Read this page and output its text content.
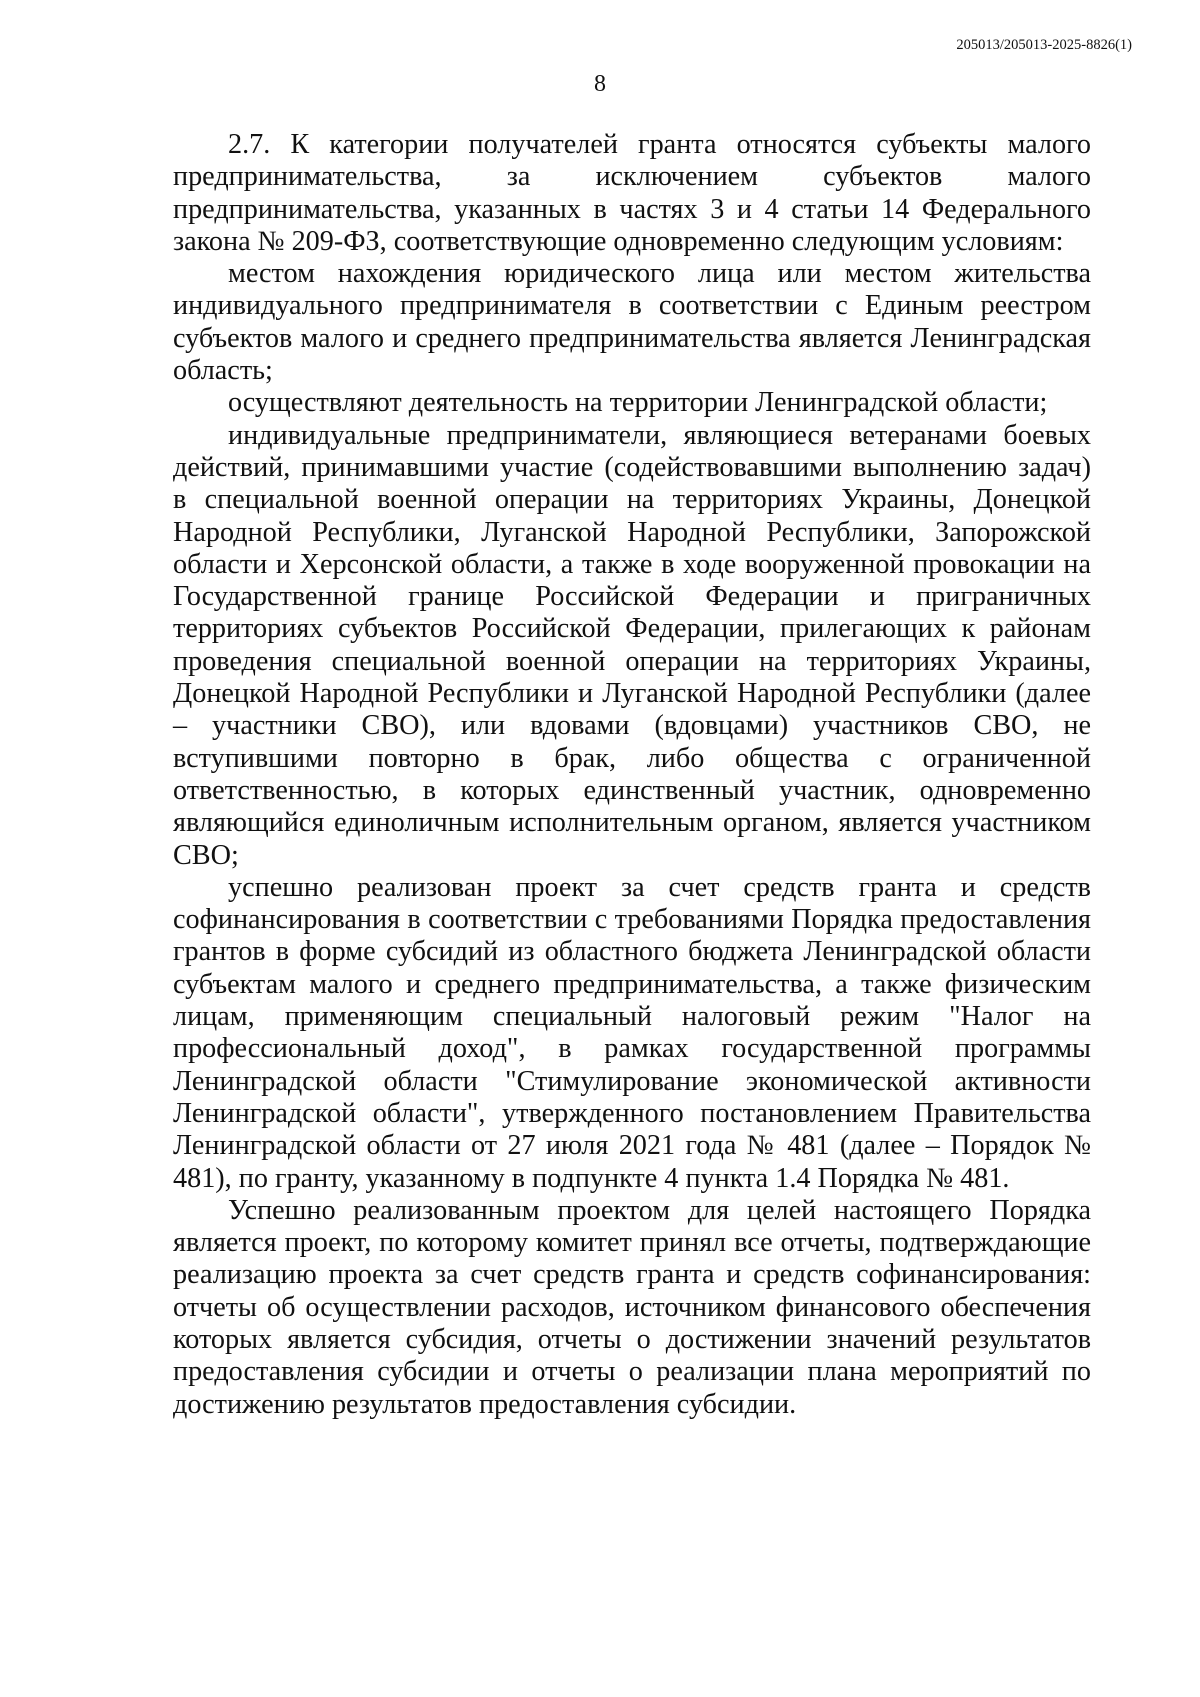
205013/205013-2025-8826(1)
8

2.7. К категории получателей гранта относятся субъекты малого предпринимательства, за исключением субъектов малого предпринимательства, указанных в частях 3 и 4 статьи 14 Федерального закона № 209-ФЗ, соответствующие одновременно следующим условиям:

местом нахождения юридического лица или местом жительства индивидуального предпринимателя в соответствии с Единым реестром субъектов малого и среднего предпринимательства является Ленинградская область;

осуществляют деятельность на территории Ленинградской области;

индивидуальные предприниматели, являющиеся ветеранами боевых действий, принимавшими участие (содействовавшими выполнению задач) в специальной военной операции на территориях Украины, Донецкой Народной Республики, Луганской Народной Республики, Запорожской области и Херсонской области, а также в ходе вооруженной провокации на Государственной границе Российской Федерации и приграничных территориях субъектов Российской Федерации, прилегающих к районам проведения специальной военной операции на территориях Украины, Донецкой Народной Республики и Луганской Народной Республики (далее – участники СВО), или вдовами (вдовцами) участников СВО, не вступившими повторно в брак, либо общества с ограниченной ответственностью, в которых единственный участник, одновременно являющийся единоличным исполнительным органом, является участником СВО;

успешно реализован проект за счет средств гранта и средств софинансирования в соответствии с требованиями Порядка предоставления грантов в форме субсидий из областного бюджета Ленинградской области субъектам малого и среднего предпринимательства, а также физическим лицам, применяющим специальный налоговый режим "Налог на профессиональный доход", в рамках государственной программы Ленинградской области "Стимулирование экономической активности Ленинградской области", утвержденного постановлением Правительства Ленинградской области от 27 июля 2021 года № 481 (далее – Порядок № 481), по гранту, указанному в подпункте 4 пункта 1.4 Порядка № 481.

Успешно реализованным проектом для целей настоящего Порядка является проект, по которому комитет принял все отчеты, подтверждающие реализацию проекта за счет средств гранта и средств софинансирования: отчеты об осуществлении расходов, источником финансового обеспечения которых является субсидия, отчеты о достижении значений результатов предоставления субсидии и отчеты о реализации плана мероприятий по достижению результатов предоставления субсидии.
